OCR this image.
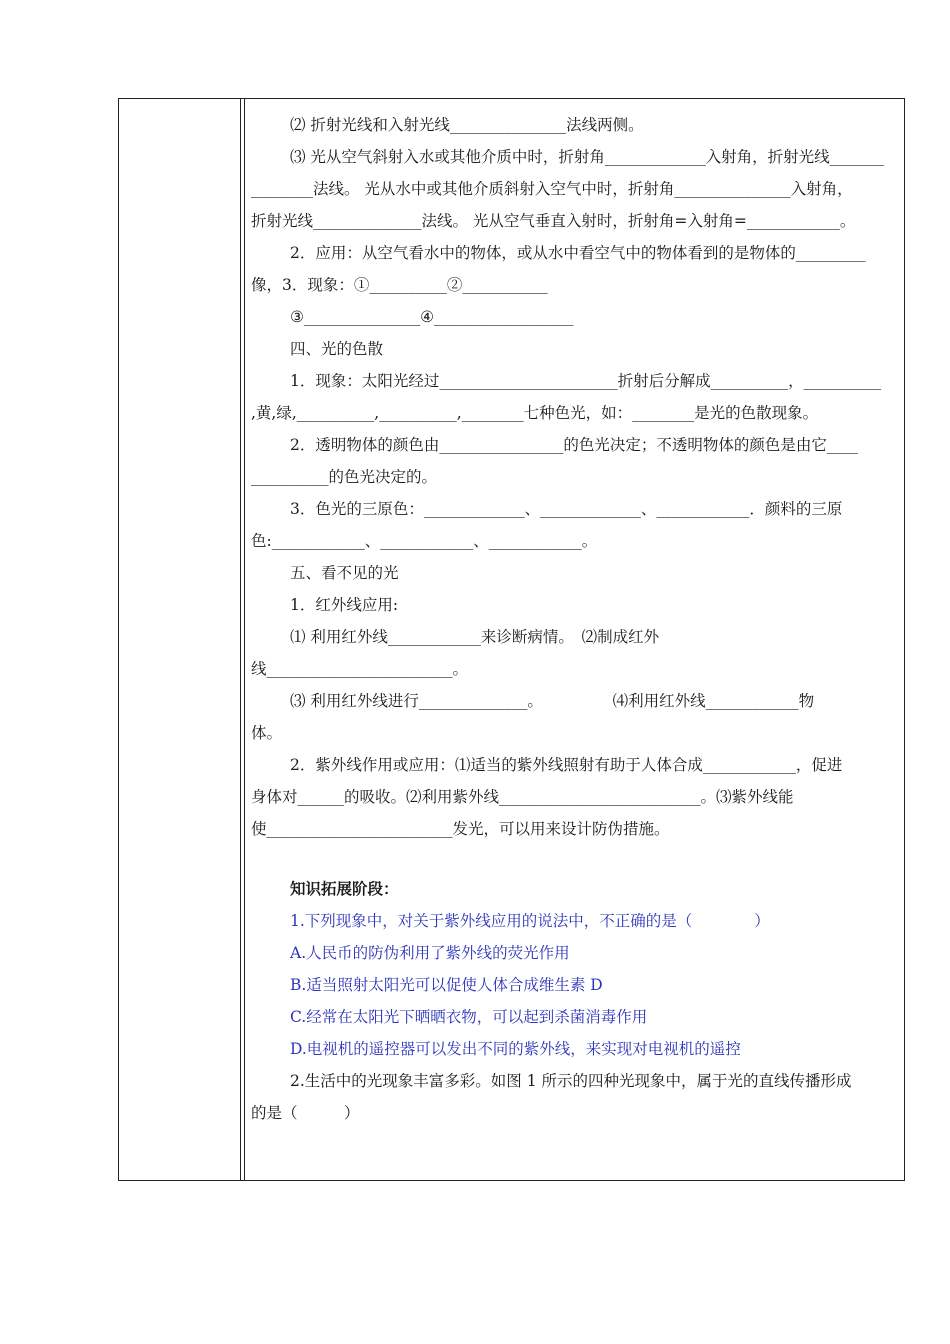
⑵ 折射光线和入射光线_______________法线两侧。
⑶ 光从空气斜射入水或其他介质中时，折射角_____________入射角，折射光线_______
________法线。 光从水中或其他介质斜射入空气中时，折射角_______________入射角，
折射光线______________法线。 光从空气垂直入射时，折射角=入射角=____________。
2．应用：从空气看水中的物体，或从水中看空气中的物体看到的是物体的_________
像，3．现象：①__________②___________
③_______________④__________________
四、光的色散
1．现象：太阳光经过_______________________折射后分解成__________，__________
,黄,绿,__________,__________,________七种色光，如：________是光的色散现象。
2．透明物体的颜色由________________的色光决定；不透明物体的颜色是由它____
__________的色光决定的。
3．色光的三原色：_____________、_____________、____________．颜料的三原
色:____________、____________、____________。
五、看不见的光
1．红外线应用:
⑴ 利用红外线____________来诊断病情。　⑵制成红外
线________________________。
⑶ 利用红外线进行______________。　　　　　⑷利用红外线____________物
体。
2．紫外线作用或应用：⑴适当的紫外线照射有助于人体合成____________，促进
身体对______的吸收。⑵利用紫外线__________________________。⑶紫外线能
使________________________发光，可以用来设计防伪措施。
知识拓展阶段：
1.下列现象中，对关于紫外线应用的说法中，不正确的是（　　　　）
A.人民币的防伪利用了紫外线的荧光作用
B.适当照射太阳光可以促使人体合成维生素 D
C.经常在太阳光下晒晒衣物，可以起到杀菌消毒作用
D.电视机的遥控器可以发出不同的紫外线，来实现对电视机的遥控
2.生活中的光现象丰富多彩。如图 1 所示的四种光现象中，属于光的直线传播形成
的是（　　　）
